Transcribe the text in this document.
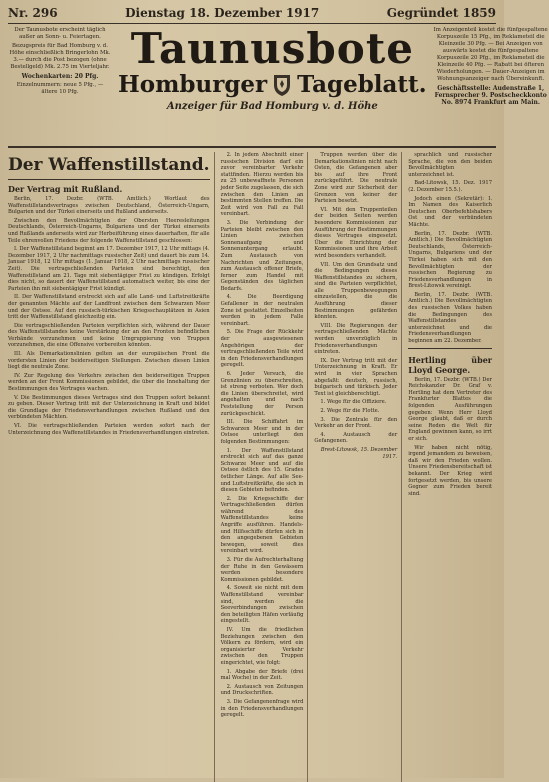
Nr. 296	Dienstag 18. Dezember 1917	Gegründet 1859

Der Taunusbote erscheint täglich außer an Sonn- u. Feiertagen.

Bezugspreis für Bad Homburg v. d. Höhe einschließlich Bringerlohn Mk. 3.— durch die Post bezogen (ohne Bestellgeld) Mk. 2.75 im Vierteljahr.

Wochenkarten: 20 Pfg.

Einzelnummern: neue 5 Pfg., — ältere 10 Pfg.

Taunusbote
Homburger Tageblatt.
Anzeiger für Bad Homburg v. d. Höhe

Im Anzeigenteil kostet die fünfgespaltene Korpuszeile 15 Pfg., im Reklameteil die Kleinzeile 30 Pfg. — Bei Anzeigen von auswärts kostet die fünfgespaltene Korpuszeile 20 Pfg., im Reklameteil die Kleinzeile 40 Pfg. — Rabatt bei öfteren Wiederholungen. — Dauer-Anzeigen im Wohnungsanzeiger nach Übereinkunft.

Geschäftsstelle: Audenstraße 1, Fernsprecher 9. Postscheckkonto No. 8974 Frankfurt am Main.

Der Waffenstillstand.
Der Vertrag mit Rußland.

Berlin, 17. Dezbr. (WTB. Amtlich.) Wortlaut des Waffenstillstandsvertrages zwischen Deutschland, Österreich-Ungarn, Bulgarien und der Türkei einerseits und Rußland anderseits.

Zwischen den Bevollmächtigten der Obersten Heeresleitungen Deutschlands, Österreich-Ungarns, Bulgariens und der Türkei einerseits und Rußlands anderseits wird zur Herbeiführung eines dauerhaften, für alle Teile ehrenvollen Friedens der folgende Waffenstillstand geschlossen:

I. Der Waffenstillstand beginnt am 17. Dezember 1917, 12 Uhr mittags (4. Dezember 1917, 2 Uhr nachmittags russischer Zeit) und dauert bis zum 14. Januar 1918, 12 Uhr mittags (1. Januar 1918, 2 Uhr nachmittags russischer Zeit). Die vertragschließenden Parteien sind berechtigt, den Waffenstillstand am 21. Tage mit siebentägiger Frist zu kündigen. Erfolgt dies nicht, so dauert der Waffenstillstand automatisch weiter, bis eine der Parteien ihn mit siebentägiger Frist kündigt.

II. Der Waffenstillstand erstreckt sich auf alle Land- und Luftstreitkräfte der genannten Mächte auf der Landfront zwischen dem Schwarzen Meer und der Ostsee. Auf den russisch-türkischen Kriegsschauplätzen in Asien tritt der Waffenstillstand gleichzeitig ein.

Die vertragschließenden Parteien verpflichten sich, während der Dauer des Waffenstillstandes keine Verstärkung der an den Fronten befindlichen Verbände vorzunehmen und keine Umgruppierung von Truppen vorzunehmen, die eine Offensive vorbereiten könnten.

III. Als Demarkationslinien gelten an der europäischen Front die vordersten Linien der beiderseitigen Stellungen. Zwischen diesen Linien liegt die neutrale Zone.

IV. Zur Regelung des Verkehrs zwischen den beiderseitigen Truppen werden an der Front Kommissionen gebildet, die über die Innehaltung der Bestimmungen des Vertrages wachen.

V. Die Bestimmungen dieses Vertrages sind den Truppen sofort bekannt zu geben. Dieser Vertrag tritt mit der Unterzeichnung in Kraft und bildet die Grundlage der Friedensverhandlungen zwischen Rußland und den verbündeten Mächten.

VI. Die vertragschließenden Parteien werden sofort nach der Unterzeichnung des Waffenstillstandes in Friedensverhandlungen eintreten.

2. In jedem Abschnitt einer russischen Division darf ein zuvor vereinbarter Verkehr stattfinden. Hierzu werden bis zu 25 unbewaffnete Personen jeder Seite zugelassen, die sich zwischen den Linien an bestimmten Stellen treffen. Die Zeit wird von Fall zu Fall vereinbart.

3. Die Verbindung der Parteien bleibt zwischen den Linien zwischen Sonnenaufgang und Sonnenuntergang erlaubt. Zum Austausch von Nachrichten und Zeitungen, zum Austausch offener Briefe, ferner zum Handel mit Gegenständen des täglichen Bedarfs.

4. Die Beerdigung Gefallener in der neutralen Zone ist gestattet. Einzelheiten werden in jedem Falle vereinbart.

5. Die Frage der Rückkehr der ausgewiesenen Angehörigen der vertragschließenden Teile wird in den Friedensverhandlungen geregelt.

6. Jeder Versuch, die Grenzlinien zu überschreiten, ist streng verboten. Wer doch die Linien überschreitet, wird angehalten und nach Feststellung der Person zurückgeschickt.

III. Die Schiffahrt im Schwarzen Meer und in der Ostsee unterliegt den folgenden Bestimmungen:

1. Der Waffenstillstand erstreckt sich auf das ganze Schwarze Meer und auf die Ostsee östlich des 15. Grades östlicher Länge. Auf alle See- und Luftstreitkräfte, die sich in diesen Gebieten befinden.

2. Die Kriegsschiffe der Vertragschließenden dürfen während des Waffenstillstandes keine Angriffe ausführen. Handels- und Hilfsschiffe dürfen sich in den angegebenen Gebieten bewegen, soweit dies vereinbart wird.

3. Für die Aufrechterhaltung der Ruhe in den Gewässern werden besondere Kommissionen gebildet.

4. Soweit sie nicht mit dem Waffenstillstand vereinbar sind, werden die Seeverbindungen zwischen den beteiligten Häfen vorläufig eingestellt.

IV. Um die friedlichen Beziehungen zwischen den Völkern zu fördern, wird ein organisierter Verkehr zwischen den Truppen eingerichtet, wie folgt:

1. Abgabe der Briefe (drei mal Woche) in der Zeit.

2. Austausch von Zeitungen und Druckschriften.

3. Die Gefangenenfrage wird in den Friedensverhandlungen geregelt.

Truppen werden über die Demarkationslinien nicht nach Osten, die Gefangenen aber bis auf ihre Front zurückgeführt. Die neutrale Zone wird zur Sicherheit der Grenzen von keiner der Parteien besetzt.

VI. Mit den Truppenteilen der beiden Seiten werden besondere Kommissionen zur Ausführung der Bestimmungen dieses Vertrages eingesetzt. Über die Einrichtung der Kommissionen und ihre Arbeit wird besonders verhandelt.

VII. Um den Grundsatz und die Bedingungen dieses Waffenstillstandes zu sichern, sind die Parteien verpflichtet, alle Truppenbewegungen einzustellen, die die Ausführung dieser Bestimmungen gefährden könnten.

VIII. Die Regierungen der vertragschließenden Mächte werden unverzüglich in Friedensverhandlungen eintreten.

IX. Der Vertrag tritt mit der Unterzeichnung in Kraft. Er wird in vier Sprachen abgefaßt: deutsch, russisch, bulgarisch und türkisch. Jeder Text ist gleichberechtigt.

1. Wege für die Offiziere.

2. Wege für die Flotte.

3. Die Zentrale für den Verkehr an der Front.

4. Austausch der Gefangenen.

Brest-Litowsk, 15. Dezember 1917.

sprachlich und russischer Sprache, die von den beiden Bevollmächtigten unterzeichnet ist.

Bad-Litowsk, 15. Dez. 1917 (2. Dezember 15.5.).

Jedoch einen (Sekretär): I. Im Namen des Kaiserlich Deutschen Oberbefehlshabers Ost und der verbündeten Mächte.

Berlin, 17. Dezbr. (WTB. Amtlich.) Die Bevollmächtigten Deutschlands, Österreich-Ungarns, Bulgariens und der Türkei haben sich mit den Bevollmächtigten der russischen Regierung zu Friedensverhandlungen in Brest-Litowsk vereinigt.

Berlin, 17. Dezbr. (WTB. Amtlich.) Die Bevollmächtigten des russischen Volkes haben die Bedingungen des Waffenstillstandes unterzeichnet und die Friedensverhandlungen beginnen am 22. Dezember.

Hertling über Lloyd George.

Berlin, 17. Dezbr. (WTB.) Der Reichskanzler Dr. Graf v. Hertling hat dem Vertreter des Frankfurter Blattes die folgenden Ausführungen gegeben: Wenn Herr Lloyd George glaubt, daß er durch seine Reden die Welt für England gewinnen kann, so irrt er sich.

Wir haben nicht nötig, irgend jemandem zu beweisen, daß wir den Frieden wollen. Unsere Friedensbereitschaft ist bekannt. Der Krieg wird fortgesetzt werden, bis unsere Gegner zum Frieden bereit sind.
